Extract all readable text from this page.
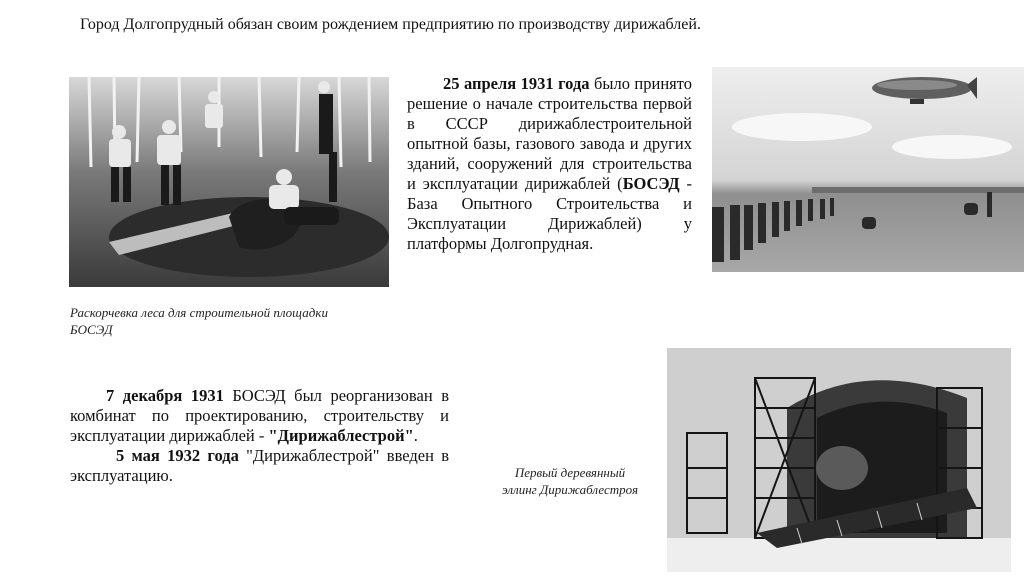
Город Долгопрудный обязан своим рождением предприятию по производству дирижаблей.
Раскорчевка леса для строительной площадки БОСЭД
25 апреля 1931 года было принято решение о начале строительства первой в СССР дирижаблестроительной опытной базы, газового завода и других зданий, сооружений для строительства и эксплуатации дирижаблей (БОСЭД - База Опытного Строительства и Эксплуатации Дирижаблей) у платформы Долгопрудная.
7 декабря 1931 БОСЭД был реорганизован в комбинат по проектированию, строительству и эксплуатации дирижаблей - "Дирижаблестрой".
5 мая 1932 года "Дирижаблестрой" введен в эксплуатацию.	Первый деревянный эллинг Дирижаблестроя
